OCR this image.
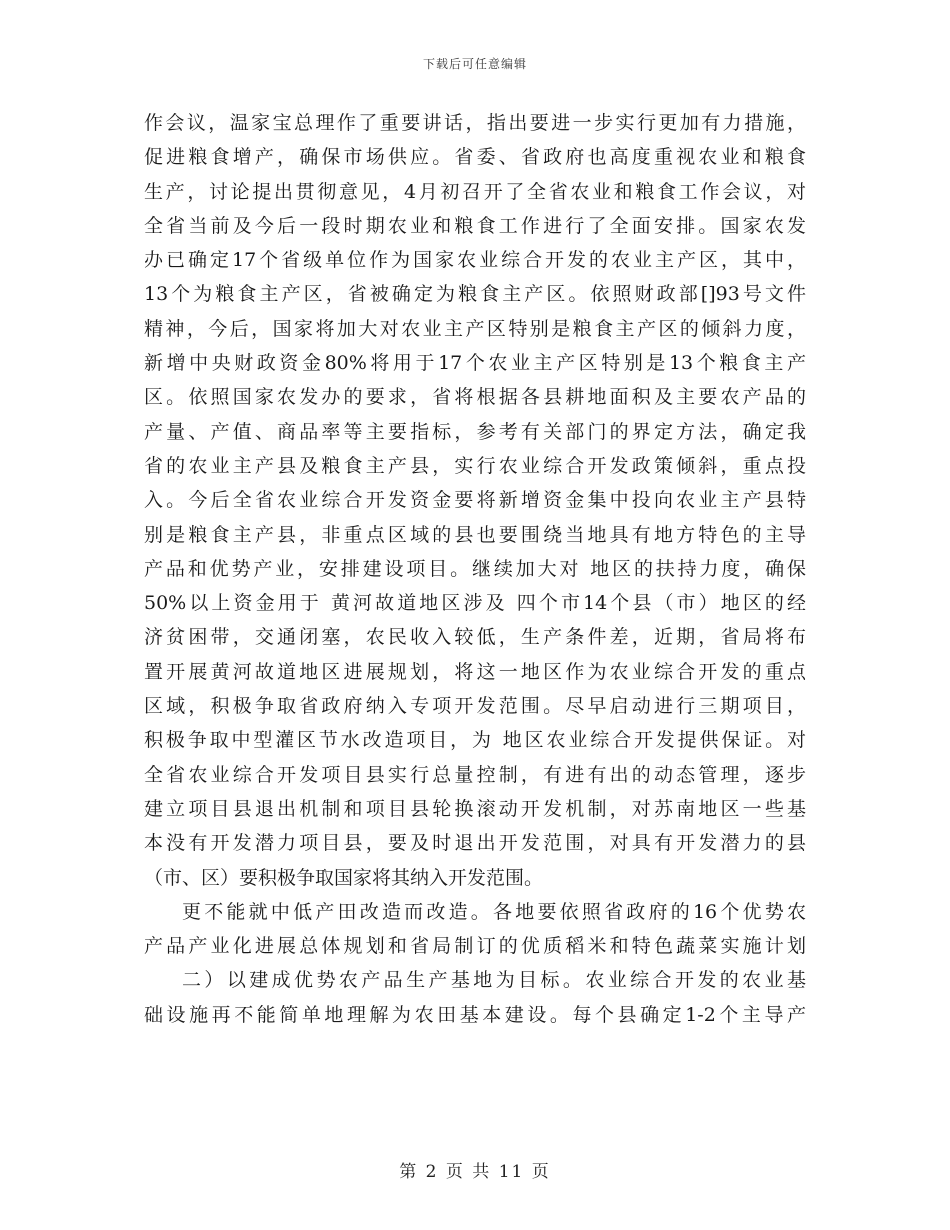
下载后可任意编辑
作会议，温家宝总理作了重要讲话，指出要进一步实行更加有力措施，
促进粮食增产，确保市场供应。省委、省政府也高度重视农业和粮食
生产，讨论提出贯彻意见，4月初召开了全省农业和粮食工作会议，对
全省当前及今后一段时期农业和粮食工作进行了全面安排。国家农发
办已确定17个省级单位作为国家农业综合开发的农业主产区，其中，
13个为粮食主产区，省被确定为粮食主产区。依照财政部[]93号文件
精神，今后，国家将加大对农业主产区特别是粮食主产区的倾斜力度，
新增中央财政资金80%将用于17个农业主产区特别是13个粮食主产
区。依照国家农发办的要求，省将根据各县耕地面积及主要农产品的
产量、产值、商品率等主要指标，参考有关部门的界定方法，确定我
省的农业主产县及粮食主产县，实行农业综合开发政策倾斜，重点投
入。今后全省农业综合开发资金要将新增资金集中投向农业主产县特
别是粮食主产县，非重点区域的县也要围绕当地具有地方特色的主导
产品和优势产业，安排建设项目。继续加大对 地区的扶持力度，确保
50%以上资金用于 黄河故道地区涉及 四个市14个县（市）地区的经
济贫困带，交通闭塞，农民收入较低，生产条件差，近期，省局将布
置开展黄河故道地区进展规划，将这一地区作为农业综合开发的重点
区域，积极争取省政府纳入专项开发范围。尽早启动进行三期项目，
积极争取中型灌区节水改造项目，为 地区农业综合开发提供保证。对
全省农业综合开发项目县实行总量控制，有进有出的动态管理，逐步
建立项目县退出机制和项目县轮换滚动开发机制，对苏南地区一些基
本没有开发潜力项目县，要及时退出开发范围，对具有开发潜力的县
（市、区）要积极争取国家将其纳入开发范围。
更不能就中低产田改造而改造。各地要依照省政府的16个优势农
产品产业化进展总体规划和省局制订的优质稻米和特色蔬菜实施计划
二）以建成优势农产品生产基地为目标。农业综合开发的农业基
础设施再不能简单地理解为农田基本建设。每个县确定1-2个主导产
第 2 页 共 11 页
